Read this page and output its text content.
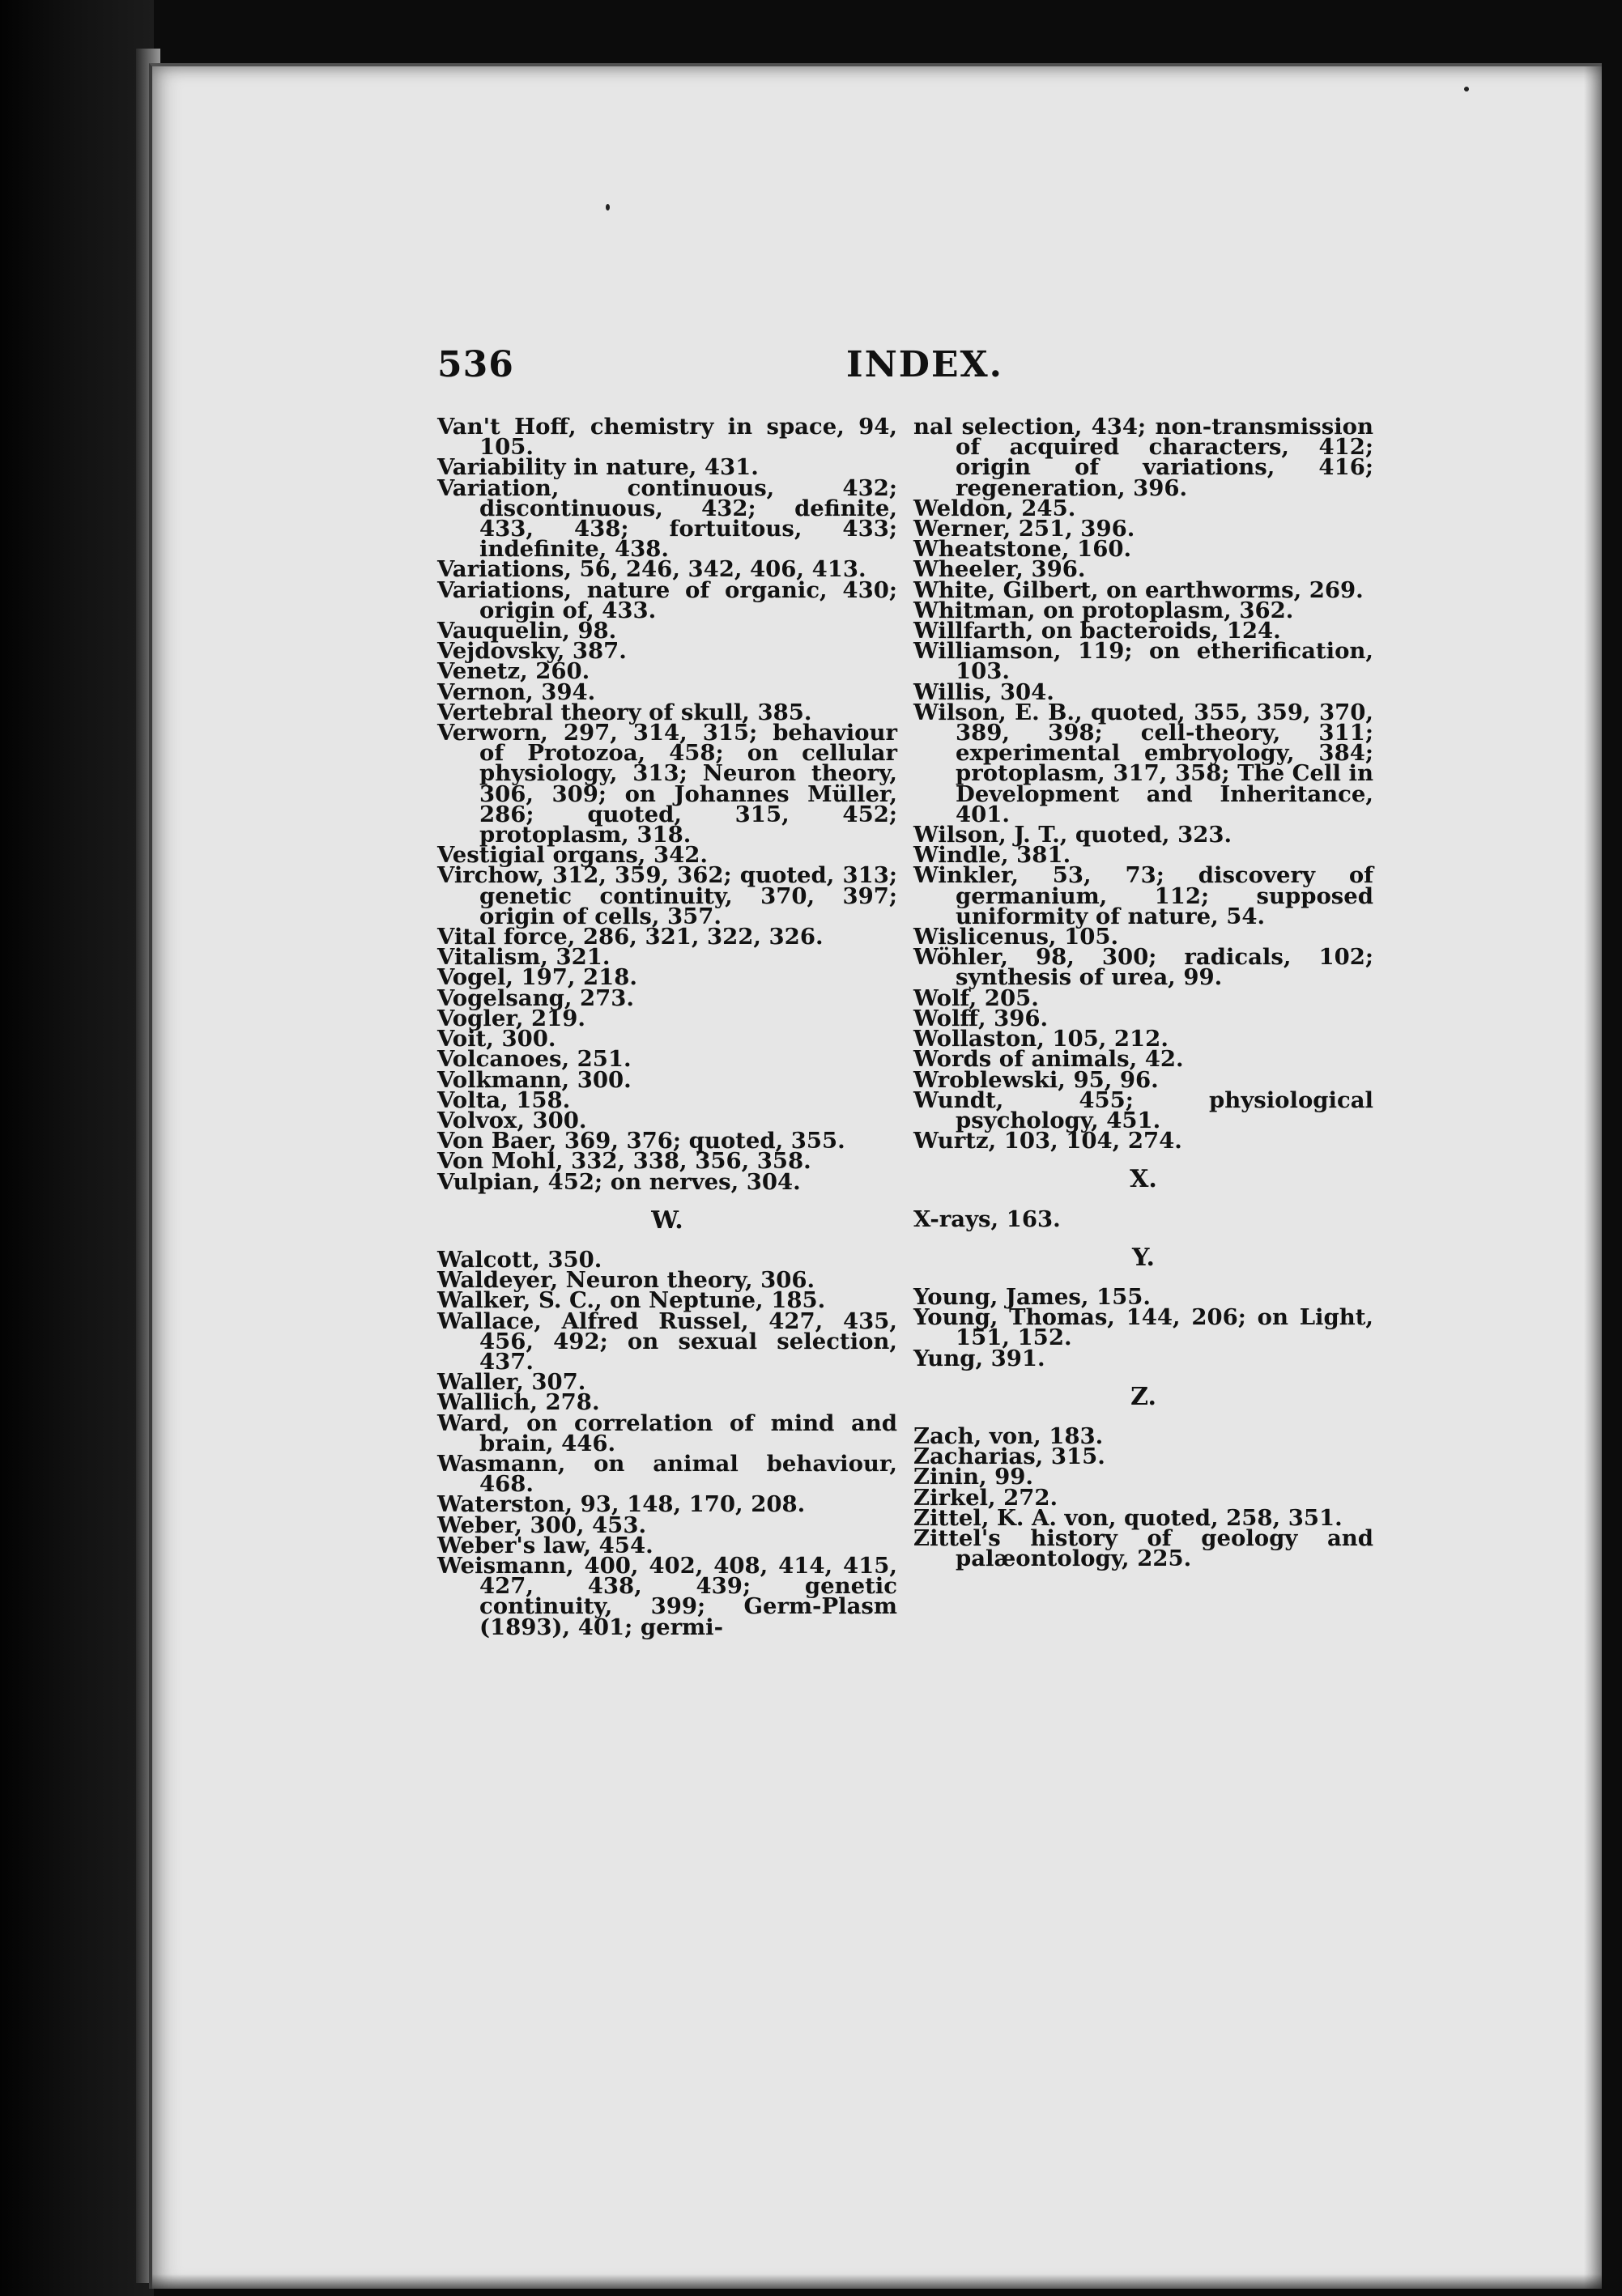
536	INDEX.

Van't Hoff, chemistry in space, 94, 105.

Variability in nature, 431.

Variation, continuous, 432; discontinuous, 432; definite, 433, 438; fortuitous, 433; indefinite, 438.

Variations, 56, 246, 342, 406, 413.

Variations, nature of organic, 430; origin of, 433.

Vauquelin, 98.

Vejdovsky, 387.

Venetz, 260.

Vernon, 394.

Vertebral theory of skull, 385.

Verworn, 297, 314, 315; behaviour of Protozoa, 458; on cellular physiology, 313; Neuron theory, 306, 309; on Johannes Müller, 286; quoted, 315, 452; protoplasm, 318.

Vestigial organs, 342.

Virchow, 312, 359, 362; quoted, 313; genetic continuity, 370, 397; origin of cells, 357.

Vital force, 286, 321, 322, 326.

Vitalism, 321.

Vogel, 197, 218.

Vogelsang, 273.

Vogler, 219.

Voit, 300.

Volcanoes, 251.

Volkmann, 300.

Volta, 158.

Volvox, 300.

Von Baer, 369, 376; quoted, 355.

Von Mohl, 332, 338, 356, 358.

Vulpian, 452; on nerves, 304.

W.

Walcott, 350.

Waldeyer, Neuron theory, 306.

Walker, S. C., on Neptune, 185.

Wallace, Alfred Russel, 427, 435, 456, 492; on sexual selection, 437.

Waller, 307.

Wallich, 278.

Ward, on correlation of mind and brain, 446.

Wasmann, on animal behaviour, 468.

Waterston, 93, 148, 170, 208.

Weber, 300, 453.

Weber's law, 454.

Weismann, 400, 402, 408, 414, 415, 427, 438, 439; genetic continuity, 399; Germ-Plasm (1893), 401; germi-

nal selection, 434; non-transmission of acquired characters, 412; origin of variations, 416; regeneration, 396.

Weldon, 245.

Werner, 251, 396.

Wheatstone, 160.

Wheeler, 396.

White, Gilbert, on earthworms, 269.

Whitman, on protoplasm, 362.

Willfarth, on bacteroids, 124.

Williamson, 119; on etherification, 103.

Willis, 304.

Wilson, E. B., quoted, 355, 359, 370, 389, 398; cell-theory, 311; experimental embryology, 384; protoplasm, 317, 358; The Cell in Development and Inheritance, 401.

Wilson, J. T., quoted, 323.

Windle, 381.

Winkler, 53, 73; discovery of germanium, 112; supposed uniformity of nature, 54.

Wislicenus, 105.

Wöhler, 98, 300; radicals, 102; synthesis of urea, 99.

Wolf, 205.

Wolff, 396.

Wollaston, 105, 212.

Words of animals, 42.

Wroblewski, 95, 96.

Wundt, 455; physiological psychology, 451.

Wurtz, 103, 104, 274.

X.

X-rays, 163.

Y.

Young, James, 155.

Young, Thomas, 144, 206; on Light, 151, 152.

Yung, 391.

Z.

Zach, von, 183.

Zacharias, 315.

Zinin, 99.

Zirkel, 272.

Zittel, K. A. von, quoted, 258, 351.

Zittel's history of geology and palæontology, 225.
